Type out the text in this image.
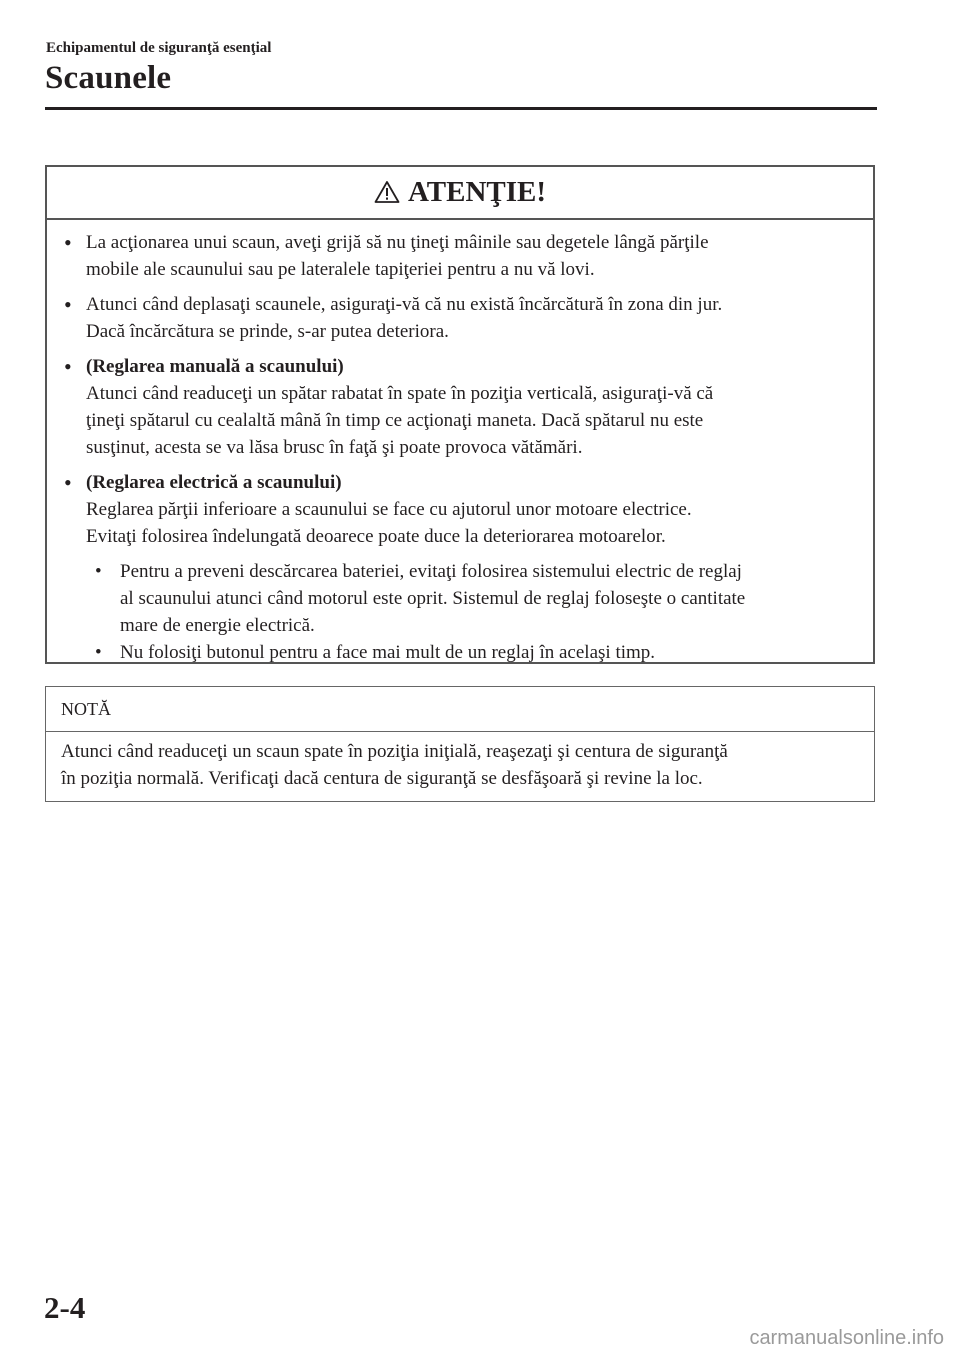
Echipamentul de siguranţă esenţial
Scaunele
ATENŢIE!
• La acţionarea unui scaun, aveţi grijă să nu ţineţi mâinile sau degetele lângă părţile
mobile ale scaunului sau pe lateralele tapiţeriei pentru a nu vă lovi.
• Atunci când deplasaţi scaunele, asiguraţi-vă că nu există încărcătură în zona din jur.
Dacă încărcătura se prinde, s-ar putea deteriora.
• (Reglarea manuală a scaunului)
Atunci când readuceţi un spătar rabatat în spate în poziţia verticală, asiguraţi-vă că
ţineţi spătarul cu cealaltă mână în timp ce acţionaţi maneta. Dacă spătarul nu este
susţinut, acesta se va lăsa brusc în faţă şi poate provoca vătămări.
• (Reglarea electrică a scaunului)
Reglarea părţii inferioare a scaunului se face cu ajutorul unor motoare electrice.
Evitaţi folosirea îndelungată deoarece poate duce la deteriorarea motoarelor.
• Pentru a preveni descărcarea bateriei, evitaţi folosirea sistemului electric de reglaj
al scaunului atunci când motorul este oprit. Sistemul de reglaj foloseşte o cantitate
mare de energie electrică.
• Nu folosiţi butonul pentru a face mai mult de un reglaj în acelaşi timp.
NOTĂ
Atunci când readuceţi un scaun spate în poziţia iniţială, reaşezaţi şi centura de siguranţă
în poziţia normală. Verificaţi dacă centura de siguranţă se desfăşoară şi revine la loc.
2-4
carmanualsonline.info
